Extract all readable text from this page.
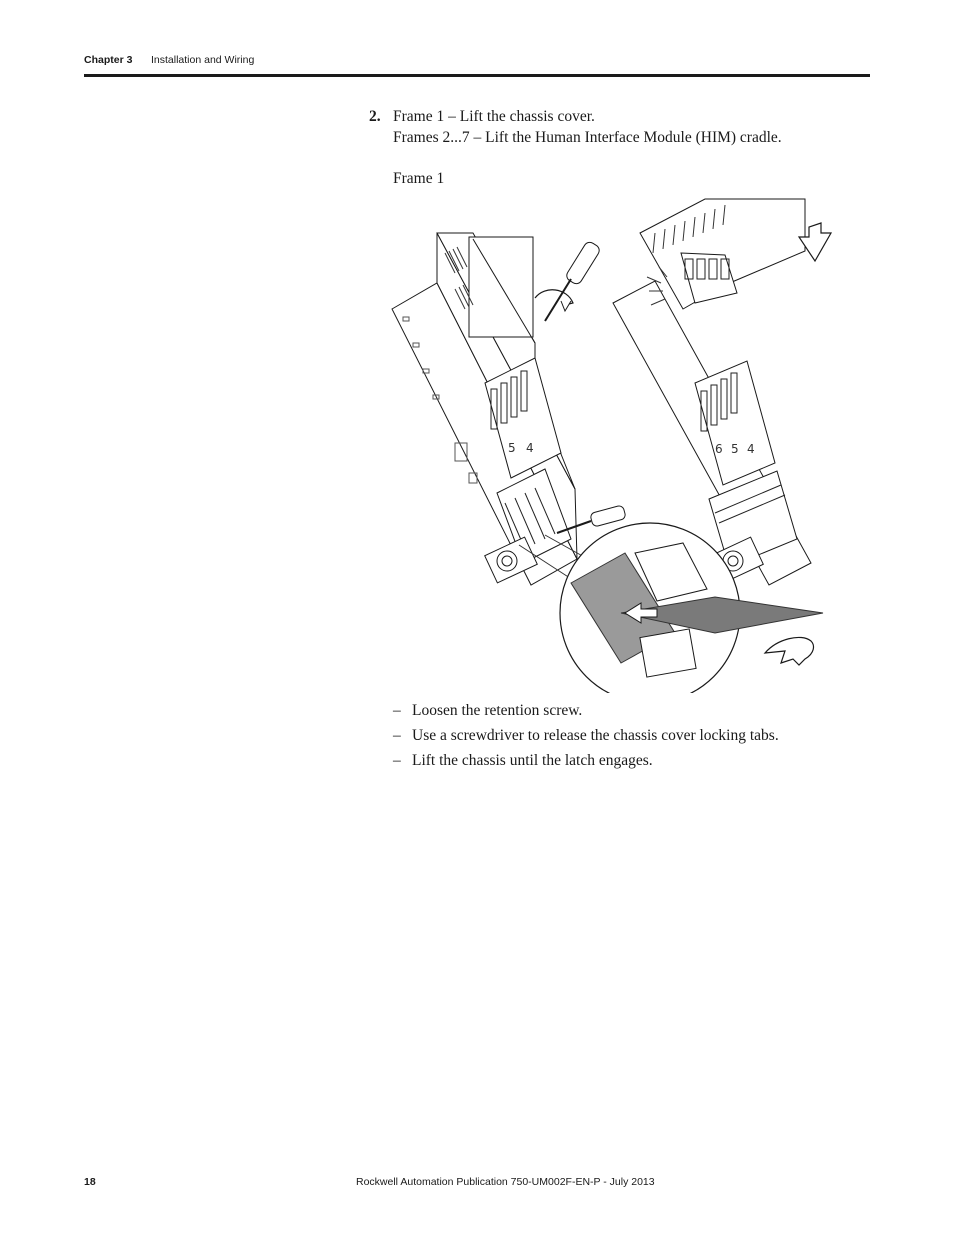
Chapter 3 Installation and Wiring
2. Frame 1 – Lift the chassis cover.
Frames 2...7 – Lift the Human Interface Module (HIM) cradle.
Frame 1
5 4	6 5 4
– Loosen the retention screw.
– Use a screwdriver to release the chassis cover locking tabs.
– Lift the chassis until the latch engages.
18	Rockwell Automation Publication 750-UM002F-EN-P - July 2013
